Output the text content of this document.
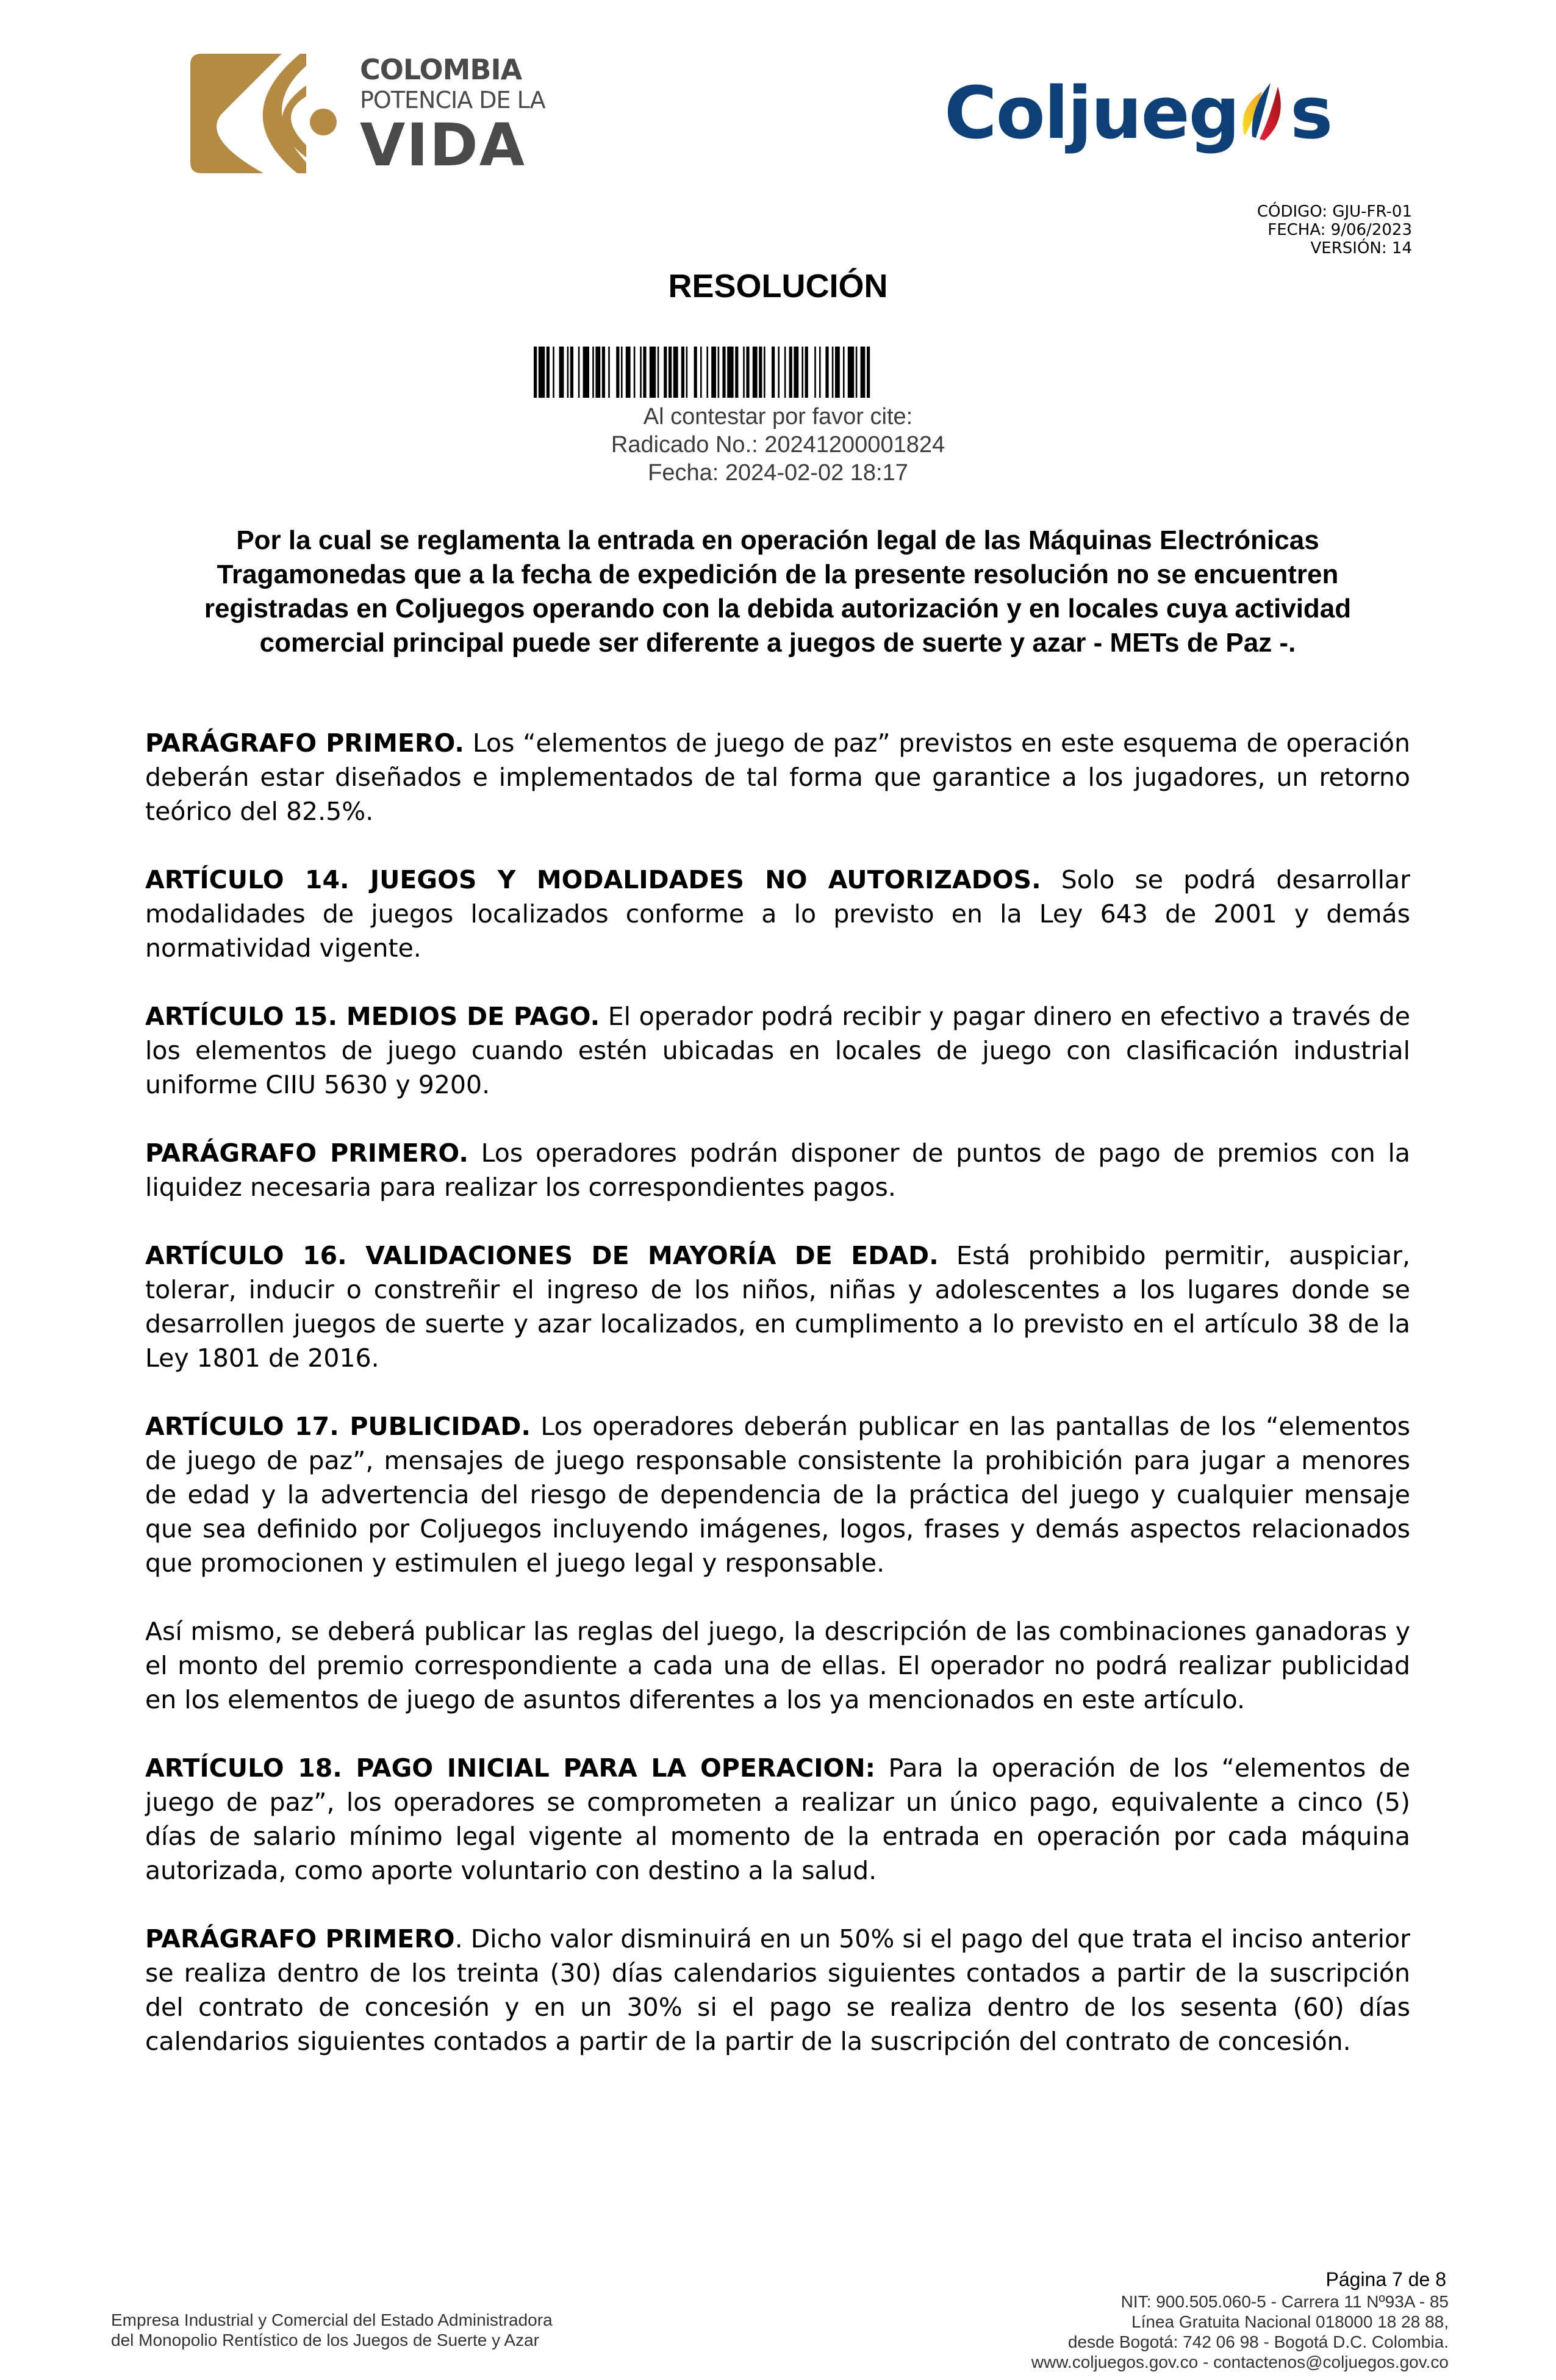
COLOMBIA
POTENCIA DE LA
VIDA	Coljueg s
CÓDIGO: GJU-FR-01
FECHA: 9/06/2023
VERSIÓN: 14
RESOLUCIÓN
Al contestar por favor cite:
Radicado No.: 20241200001824
Fecha: 2024-02-02 18:17
Por la cual se reglamenta la entrada en operación legal de las Máquinas Electrónicas Tragamonedas que a la fecha de expedición de la presente resolución no se encuentren registradas en Coljuegos operando con la debida autorización y en locales cuya actividad comercial principal puede ser diferente a juegos de suerte y azar - METs de Paz -.

PARÁGRAFO PRIMERO. Los “elementos de juego de paz” previstos en este esquema de operación deberán estar diseñados e implementados de tal forma que garantice a los jugadores, un retorno teórico del 82.5%.

ARTÍCULO 14. JUEGOS Y MODALIDADES NO AUTORIZADOS. Solo se podrá desarrollar modalidades de juegos localizados conforme a lo previsto en la Ley 643 de 2001 y demás normatividad vigente.

ARTÍCULO 15. MEDIOS DE PAGO. El operador podrá recibir y pagar dinero en efectivo a través de los elementos de juego cuando estén ubicadas en locales de juego con clasificación industrial uniforme CIIU 5630 y 9200.

PARÁGRAFO PRIMERO. Los operadores podrán disponer de puntos de pago de premios con la liquidez necesaria para realizar los correspondientes pagos.

ARTÍCULO 16. VALIDACIONES DE MAYORÍA DE EDAD. Está prohibido permitir, auspiciar, tolerar, inducir o constreñir el ingreso de los niños, niñas y adolescentes a los lugares donde se desarrollen juegos de suerte y azar localizados, en cumplimento a lo previsto en el artículo 38 de la Ley 1801 de 2016.

ARTÍCULO 17. PUBLICIDAD. Los operadores deberán publicar en las pantallas de los “elementos de juego de paz”, mensajes de juego responsable consistente la prohibición para jugar a menores de edad y la advertencia del riesgo de dependencia de la práctica del juego y cualquier mensaje que sea definido por Coljuegos incluyendo imágenes, logos, frases y demás aspectos relacionados que promocionen y estimulen el juego legal y responsable.

Así mismo, se deberá publicar las reglas del juego, la descripción de las combinaciones ganadoras y el monto del premio correspondiente a cada una de ellas. El operador no podrá realizar publicidad en los elementos de juego de asuntos diferentes a los ya mencionados en este artículo.

ARTÍCULO 18. PAGO INICIAL PARA LA OPERACION: Para la operación de los “elementos de juego de paz”, los operadores se comprometen a realizar un único pago, equivalente a cinco (5) días de salario mínimo legal vigente al momento de la entrada en operación por cada máquina autorizada, como aporte voluntario con destino a la salud.

PARÁGRAFO PRIMERO. Dicho valor disminuirá en un 50% si el pago del que trata el inciso anterior se realiza dentro de los treinta (30) días calendarios siguientes contados a partir de la suscripción del contrato de concesión y en un 30% si el pago se realiza dentro de los sesenta (60) días calendarios siguientes contados a partir de la partir de la suscripción del contrato de concesión.

Empresa Industrial y Comercial del Estado Administradora
del Monopolio Rentístico de los Juegos de Suerte y Azar
Página 7 de 8
NIT: 900.505.060-5 - Carrera 11 Nº93A - 85
Línea Gratuita Nacional 018000 18 28 88,
desde Bogotá: 742 06 98 - Bogotá D.C. Colombia.
www.coljuegos.gov.co - contactenos@coljuegos.gov.co
